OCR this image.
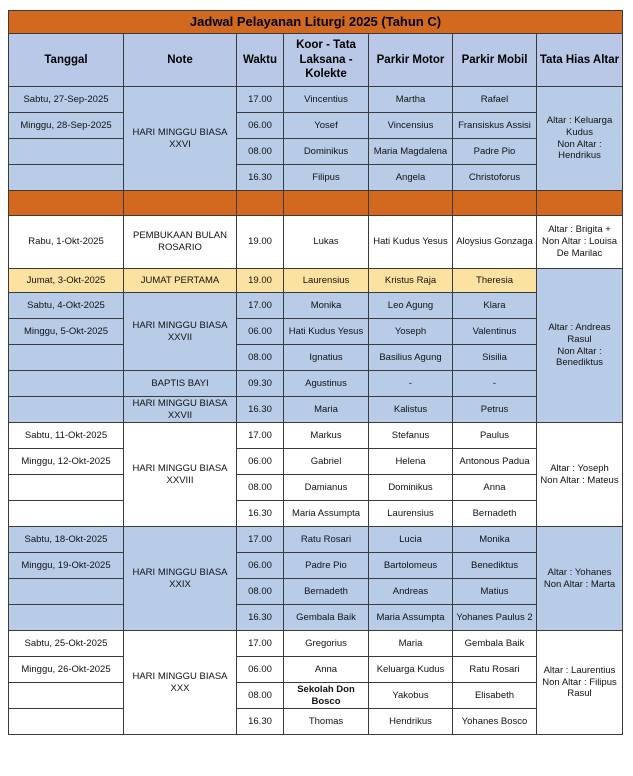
Jadwal Pelayanan Liturgi 2025 (Tahun C)						
Tanggal	Note	Waktu	Koor - Tata Laksana - Kolekte	Parkir Motor	Parkir Mobil	Tata Hias Altar
Sabtu, 27-Sep-2025	HARI MINGGU BIASA XXVI	17.00	Vincentius	Martha	Rafael	Altar : Keluarga Kudus
Non Altar : Hendrikus
Minggu, 28-Sep-2025		06.00	Yosef	Vincensius	Fransiskus Assisi	
		08.00	Dominikus	Maria Magdalena	Padre Pio	
		16.30	Filipus	Angela	Christoforus	

Rabu, 1-Okt-2025	PEMBUKAAN BULAN ROSARIO	19.00	Lukas	Hati Kudus Yesus	Aloysius Gonzaga	Altar : Brigita + Non Altar : Louisa De Marilac
Jumat, 3-Okt-2025	JUMAT PERTAMA	19.00	Laurensius	Kristus Raja	Theresia	Altar : Andreas Rasul
Non Altar : Benediktus
Sabtu, 4-Okt-2025	HARI MINGGU BIASA XXVII	17.00	Monika	Leo Agung	Klara	
Minggu, 5-Okt-2025		06.00	Hati Kudus Yesus	Yoseph	Valentinus	
		08.00	Ignatius	Basilius Agung	Sisilia	
	BAPTIS BAYI	09.30	Agustinus	-	-	
	HARI MINGGU BIASA XXVII	16.30	Maria	Kalistus	Petrus	
Sabtu, 11-Okt-2025	HARI MINGGU BIASA XXVIII	17.00	Markus	Stefanus	Paulus	Altar : Yoseph
Non Altar : Mateus
Minggu, 12-Okt-2025		06.00	Gabriel	Helena	Antonous Padua	
		08.00	Damianus	Dominikus	Anna	
		16.30	Maria Assumpta	Laurensius	Bernadeth	
Sabtu, 18-Okt-2025	HARI MINGGU BIASA XXIX	17.00	Ratu Rosari	Lucia	Monika	Altar : Yohanes
Non Altar : Marta
Minggu, 19-Okt-2025		06.00	Padre Pio	Bartolomeus	Benediktus	
		08.00	Bernadeth	Andreas	Matius	
		16.30	Gembala Baik	Maria Assumpta	Yohanes Paulus 2	
Sabtu, 25-Okt-2025	HARI MINGGU BIASA XXX	17.00	Gregorius	Maria	Gembala Baik	Altar : Laurentius
Non Altar : Filipus Rasul
Minggu, 26-Okt-2025		06.00	Anna	Keluarga Kudus	Ratu Rosari	
		08.00	Sekolah Don Bosco	Yakobus	Elisabeth	
		16.30	Thomas	Hendrikus	Yohanes Bosco	
